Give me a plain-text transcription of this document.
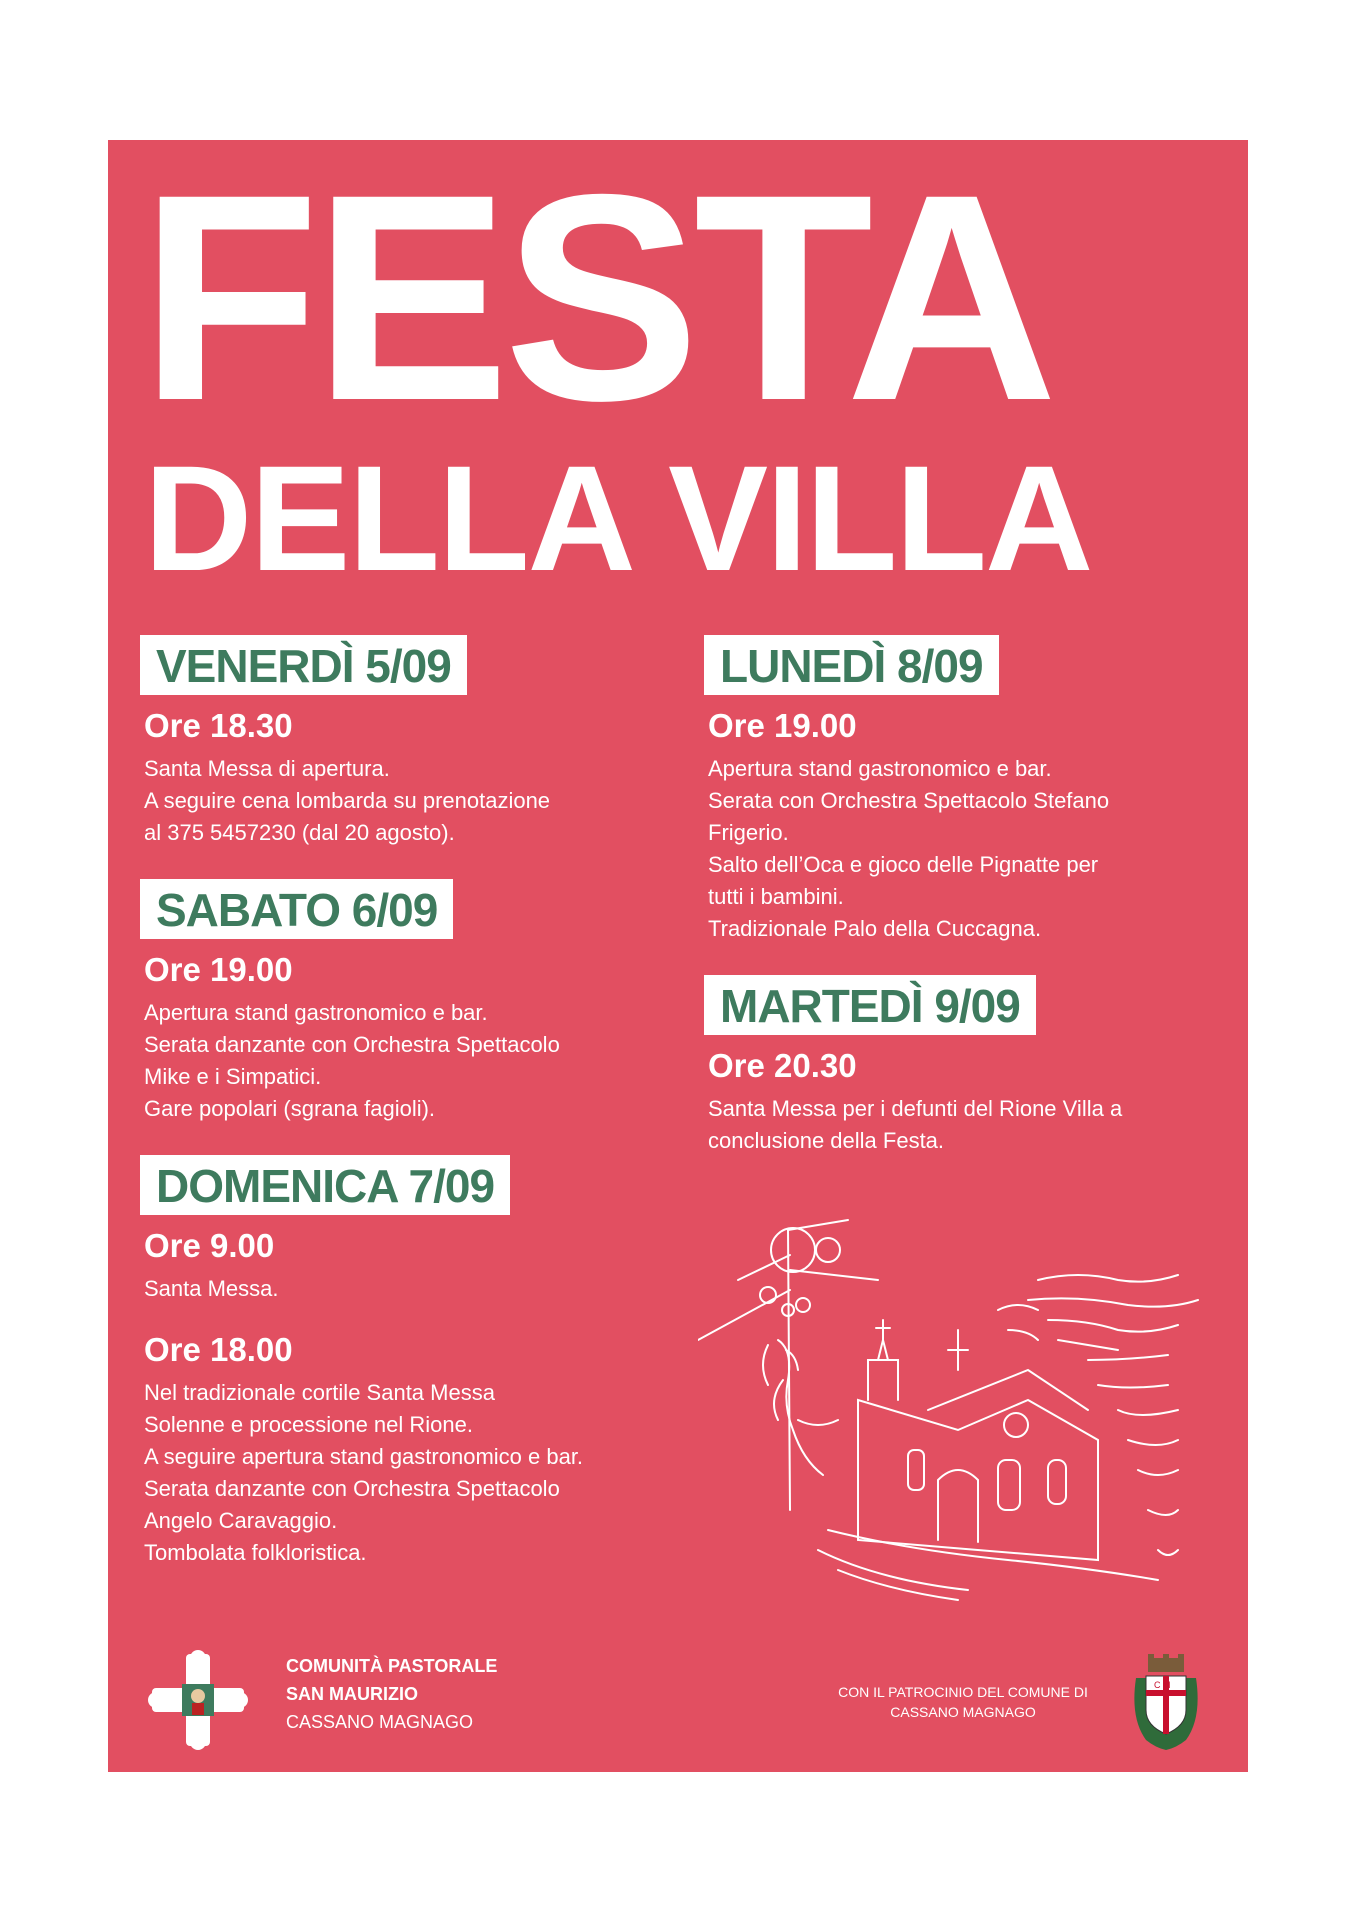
FESTA
DELLA VILLA
VENERDÌ 5/09
Ore 18.30

Santa Messa di apertura.

A seguire cena lombarda su prenotazione

al 375 5457230 (dal 20 agosto).

SABATO 6/09
Ore 19.00

Apertura stand gastronomico e bar.

Serata danzante con Orchestra Spettacolo

Mike e i Simpatici.

Gare popolari (sgrana fagioli).

DOMENICA 7/09
Ore 9.00

Santa Messa.

Ore 18.00

Nel tradizionale cortile Santa Messa

Solenne e processione nel Rione.

A seguire apertura stand gastronomico e bar.

Serata danzante con Orchestra Spettacolo

Angelo Caravaggio.

Tombolata folkloristica.

LUNEDÌ 8/09
Ore 19.00

Apertura stand gastronomico e bar.

Serata con Orchestra Spettacolo Stefano

Frigerio.

Salto dell’Oca e gioco delle Pignatte per

tutti i bambini.

Tradizionale Palo della Cuccagna.

MARTEDÌ 9/09
Ore 20.30

Santa Messa per i defunti del Rione Villa a

conclusione della Festa.

COMUNITÀ PASTORALE
SAN MAURIZIO
CASSANO MAGNAGO
CON IL PATROCINIO DEL COMUNE DI
CASSANO MAGNAGO
C M
